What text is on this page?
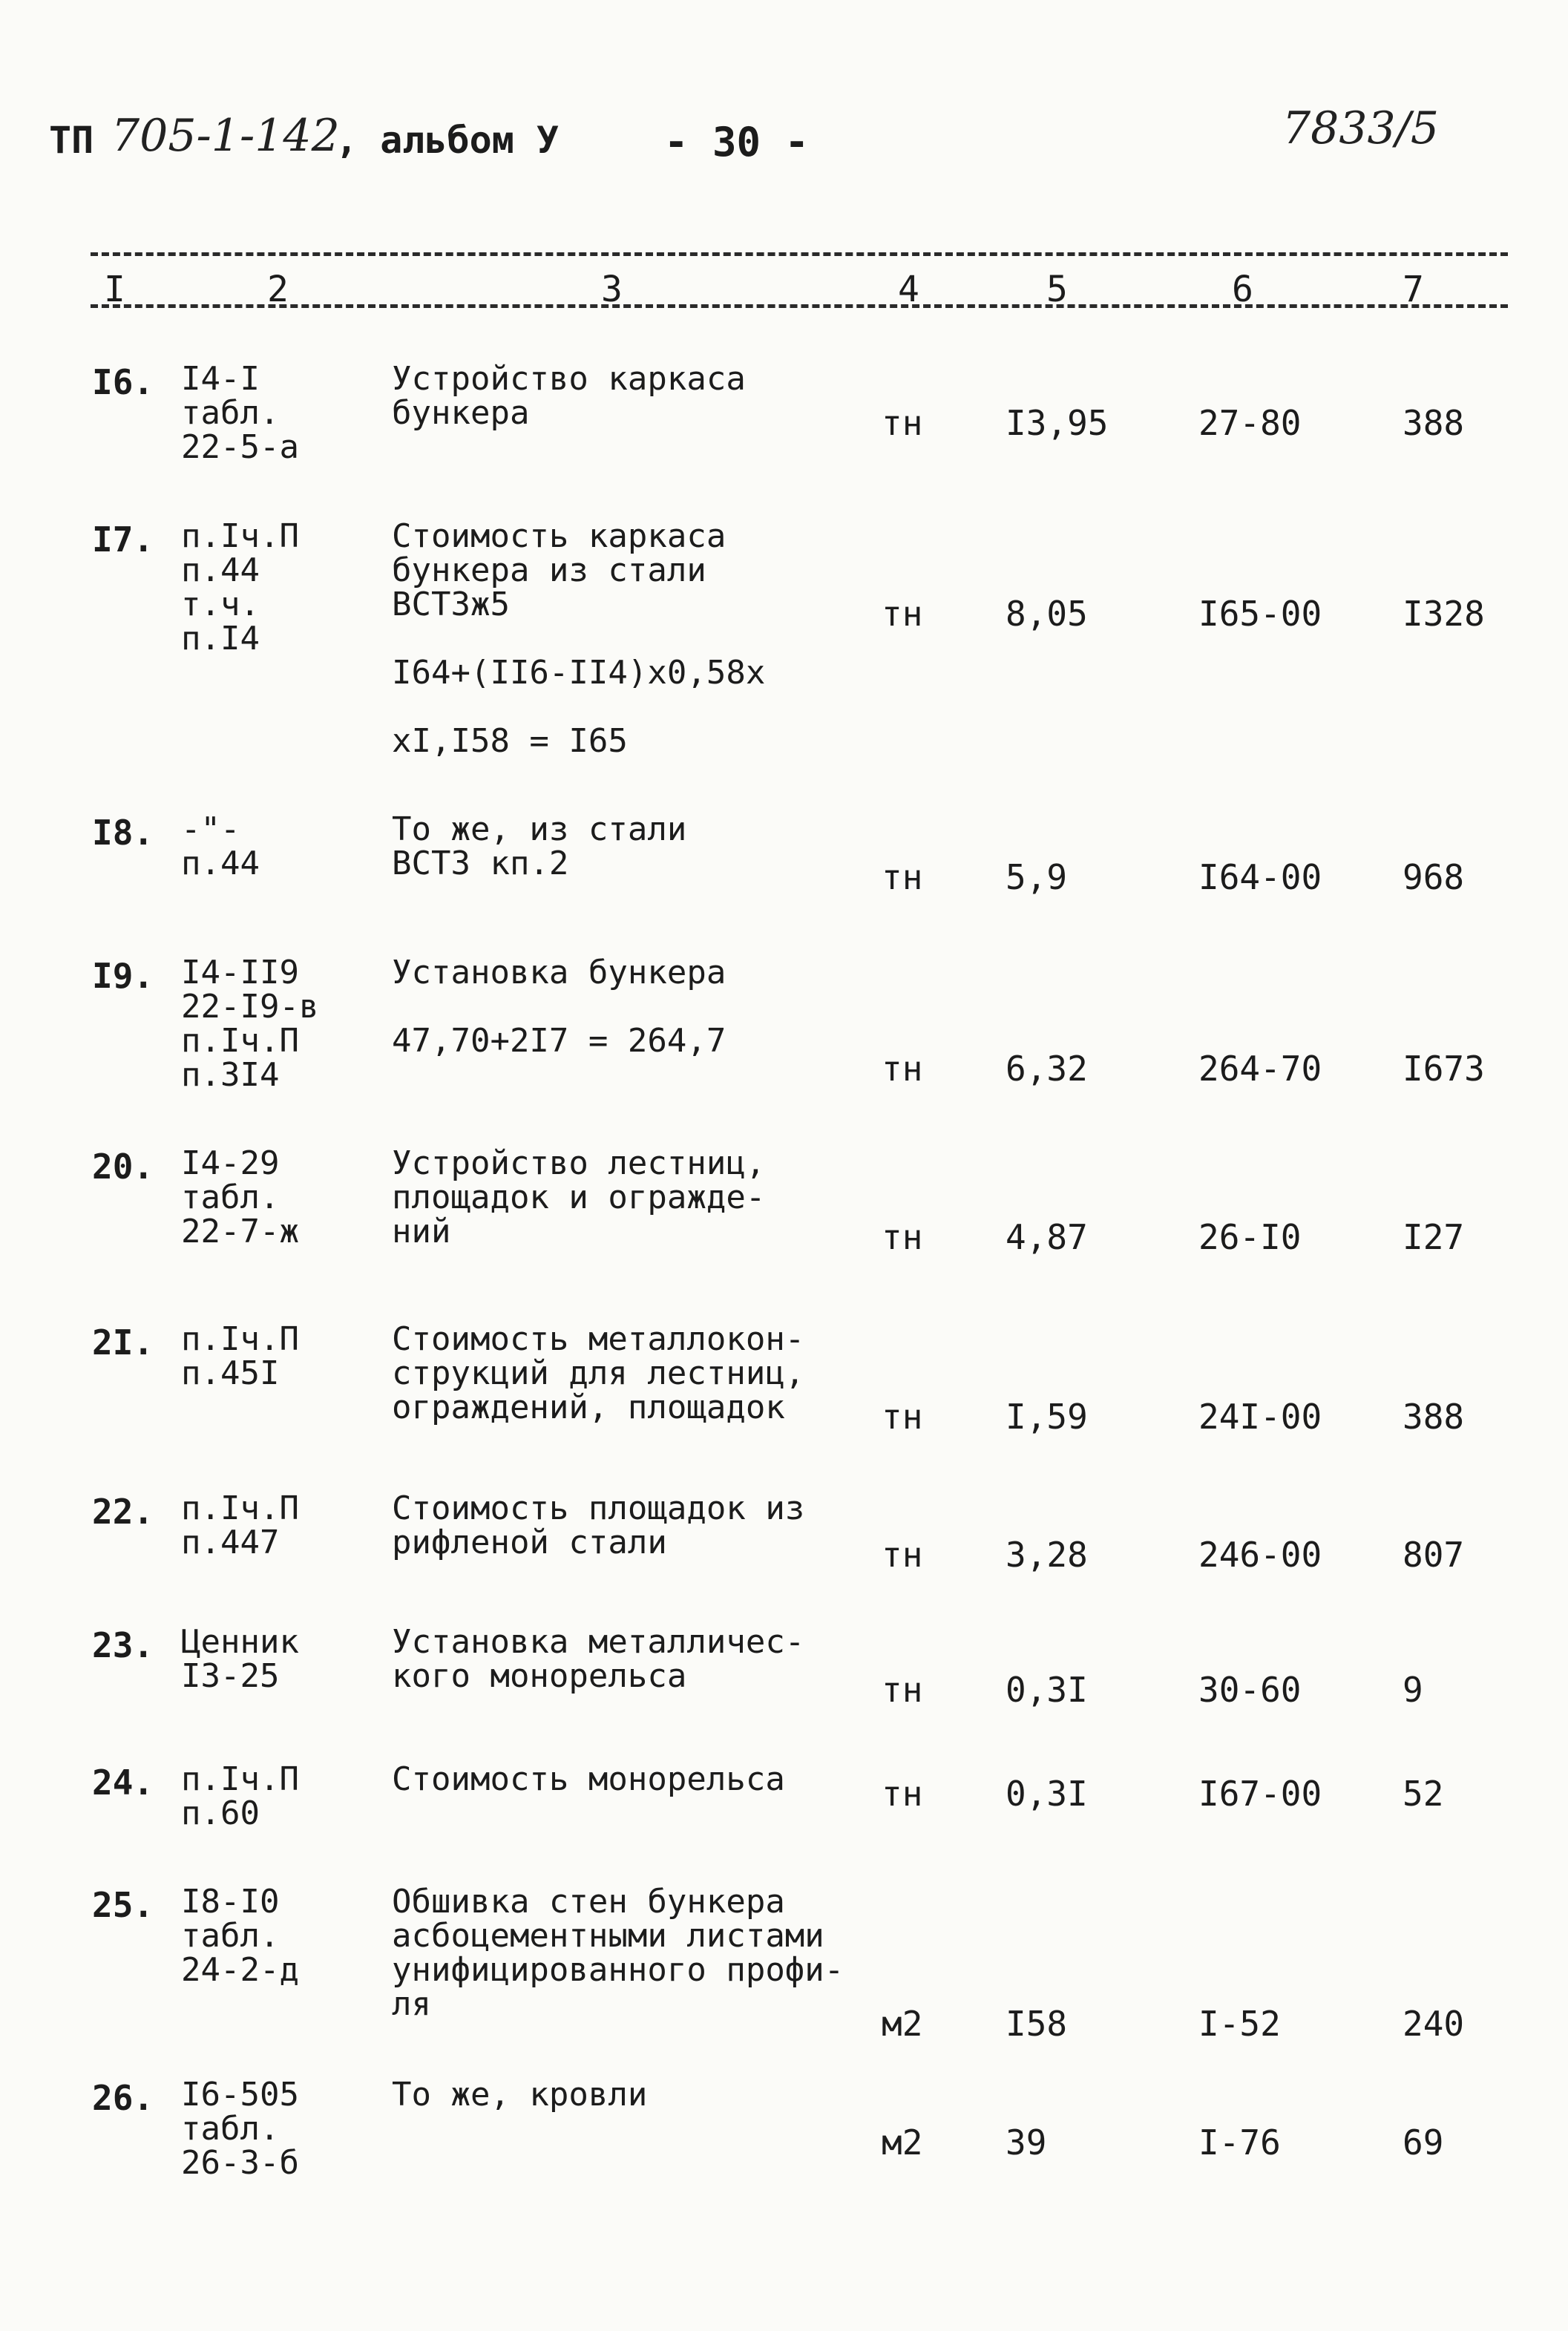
ТП 705-1-142
, альбом У	- 30 -	7833/5
I	2	3	4	5	6	7
I6. I4-I
табл.
22-5-а
Устройство каркаса
бункера	тн I3,95	27-80	388
I7. п.Iч.П
п.44
т.ч.
п.I4
Стоимость каркаса
бункера из стали
ВСТ3ж5

I64+(II6-II4)х0,58х

хI,I58 = I65
тн 8,05	I65-00 I328
I8. -"-
п.44
То же, из стали
ВСТ3 кп.2	тн 5,9	I64-00 968
I9. I4-II9
22-I9-в
п.Iч.П
п.3I4
Установка бункера

47,70+2I7 = 264,7
тн 6,32	264-70 I673
20. I4-29
табл.
22-7-ж
Устройство лестниц,
площадок и огражде-
ний	тн 4,87	26-I0	I27
2I. п.Iч.П
п.45I
Стоимость металлокон-
струкций для лестниц,
ограждений, площадок	тн I,59	24I-00 388
22. п.Iч.П
п.447
Стоимость площадок из
рифленой стали	тн 3,28	246-00 807
23. Ценник
I3-25
Установка металличес-
кого монорельса	тн 0,3I	30-60	9
24. п.Iч.П
п.60
Стоимость монорельса	тн 0,3I	I67-00 52
25. I8-I0
табл.
24-2-д
Обшивка стен бункера
асбоцементными листами
унифицированного профи-
ля	м2 I58	I-52	240
26. I6-505
табл.
26-3-б
То же, кровли
м2 39	I-76	69
